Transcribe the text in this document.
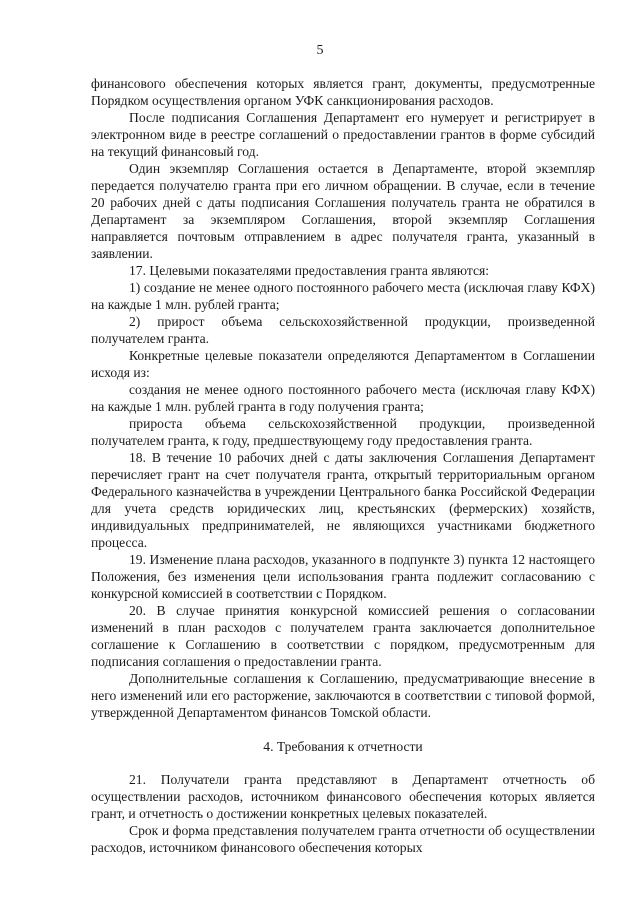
5

финансового обеспечения которых является грант, документы, предусмотренные Порядком осуществления органом УФК санкционирования расходов.

После подписания Соглашения Департамент его нумерует и регистрирует в электронном виде в реестре соглашений о предоставлении грантов в форме субсидий на текущий финансовый год.

Один экземпляр Соглашения остается в Департаменте, второй экземпляр передается получателю гранта при его личном обращении. В случае, если в течение 20 рабочих дней с даты подписания Соглашения получатель гранта не обратился в Департамент за экземпляром Соглашения, второй экземпляр Соглашения направляется почтовым отправлением в адрес получателя гранта, указанный в заявлении.

17. Целевыми показателями предоставления гранта являются:

1) создание не менее одного постоянного рабочего места (исключая главу КФХ) на каждые 1 млн. рублей гранта;

2) прирост объема сельскохозяйственной продукции, произведенной получателем гранта.

Конкретные целевые показатели определяются Департаментом в Соглашении исходя из:

создания не менее одного постоянного рабочего места (исключая главу КФХ) на каждые 1 млн. рублей гранта в году получения гранта;

прироста объема сельскохозяйственной продукции, произведенной получателем гранта, к году, предшествующему году предоставления гранта.

18. В течение 10 рабочих дней с даты заключения Соглашения Департамент перечисляет грант на счет получателя гранта, открытый территориальным органом Федерального казначейства в учреждении Центрального банка Российской Федерации для учета средств юридических лиц, крестьянских (фермерских) хозяйств, индивидуальных предпринимателей, не являющихся участниками бюджетного процесса.

19. Изменение плана расходов, указанного в подпункте 3) пункта 12 настоящего Положения, без изменения цели использования гранта подлежит согласованию с конкурсной комиссией в соответствии с Порядком.

20. В случае принятия конкурсной комиссией решения о согласовании изменений в план расходов с получателем гранта заключается дополнительное соглашение к Соглашению в соответствии с порядком, предусмотренным для подписания соглашения о предоставлении гранта.

Дополнительные соглашения к Соглашению, предусматривающие внесение в него изменений или его расторжение, заключаются в соответствии с типовой формой, утвержденной Департаментом финансов Томской области.

4. Требования к отчетности

21. Получатели гранта представляют в Департамент отчетность об осуществлении расходов, источником финансового обеспечения которых является грант, и отчетность о достижении конкретных целевых показателей.

Срок и форма представления получателем гранта отчетности об осуществлении расходов, источником финансового обеспечения которых
